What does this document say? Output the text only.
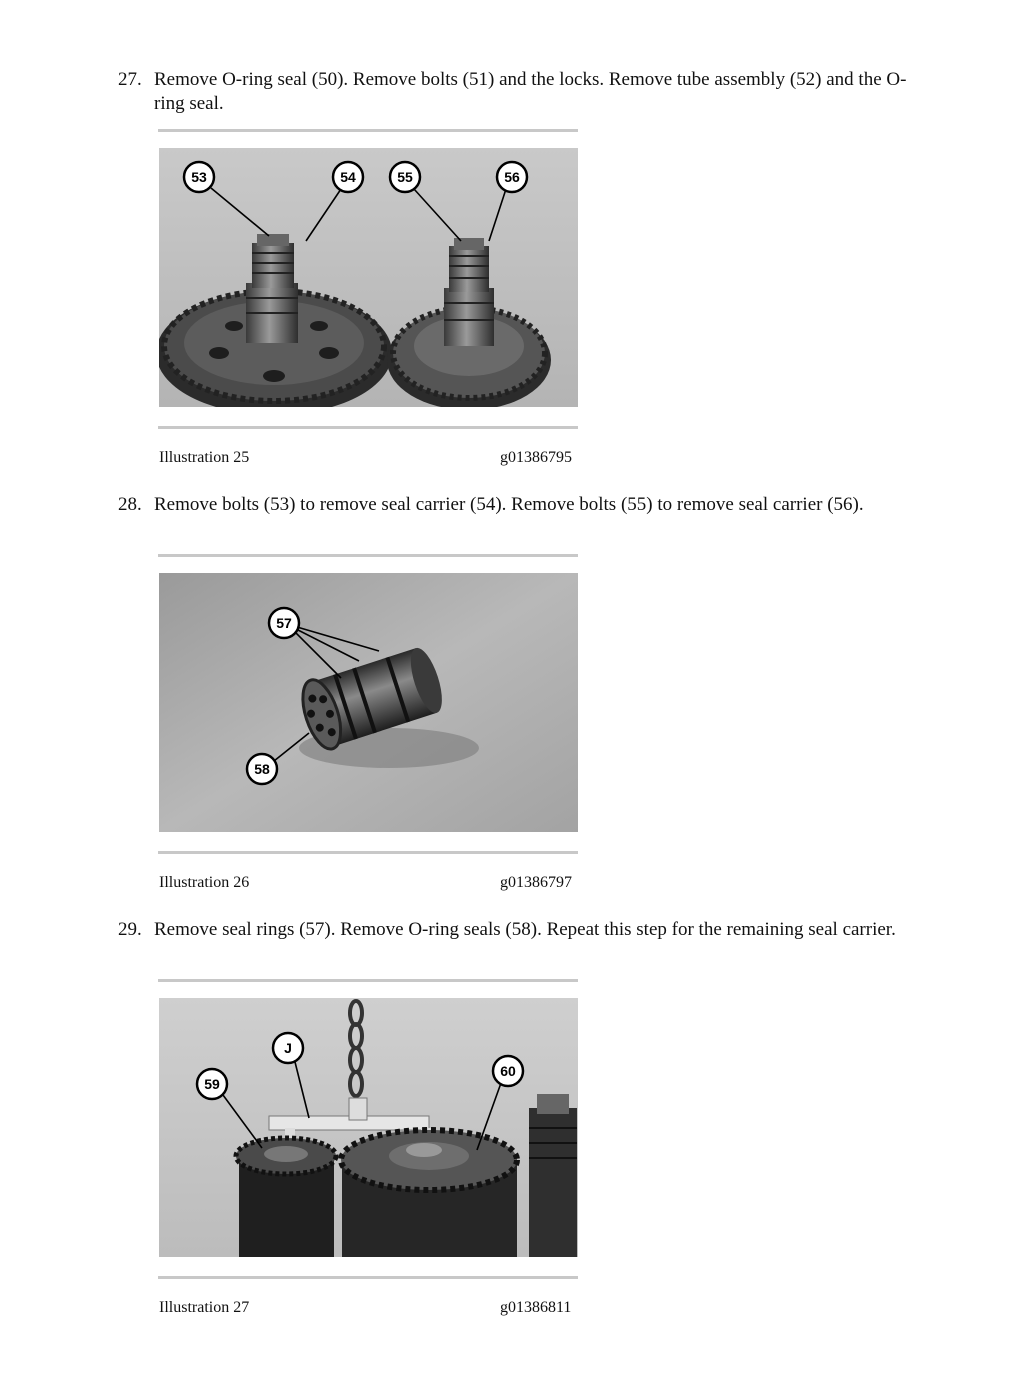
27. Remove O-ring seal (50). Remove bolts (51) and the locks. Remove tube assembly (52) and the O-ring seal.
53	54	55	56
Illustration 25	g01386795
28. Remove bolts (53) to remove seal carrier (54). Remove bolts (55) to remove seal carrier (56).
57
58
Illustration 26	g01386797
29. Remove seal rings (57). Remove O-ring seals (58). Repeat this step for the remaining seal carrier.
J
59
60
Illustration 27	g01386811
